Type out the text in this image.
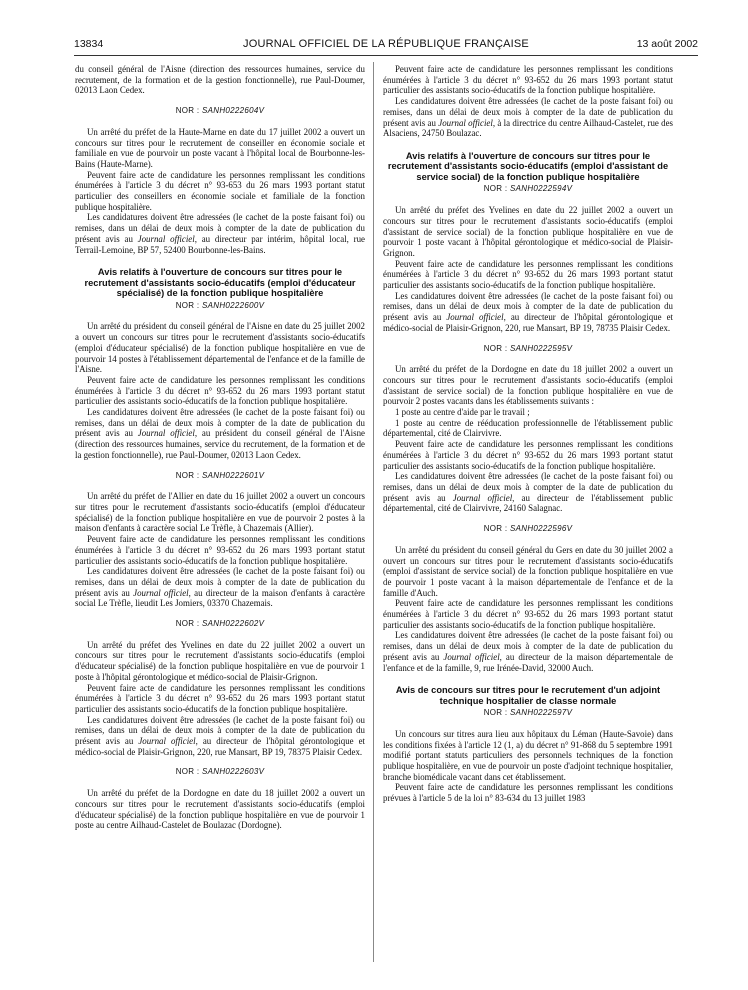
13834	JOURNAL OFFICIEL DE LA RÉPUBLIQUE FRANÇAISE	13 août 2002

du conseil général de l'Aisne (direction des ressources humaines, service du recrutement, de la formation et de la gestion fonctionnelle), rue Paul-Doumer, 02013 Laon Cedex.

NOR : SANH0222604V

Un arrêté du préfet de la Haute-Marne en date du 17 juillet 2002 a ouvert un concours sur titres pour le recrutement de conseiller en économie sociale et familiale en vue de pourvoir un poste vacant à l'hôpital local de Bourbonne-les-Bains (Haute-Marne).

Peuvent faire acte de candidature les personnes remplissant les conditions énumérées à l'article 3 du décret n° 93-653 du 26 mars 1993 portant statut particulier des conseillers en économie sociale et familiale de la fonction publique hospitalière.

Les candidatures doivent être adressées (le cachet de la poste faisant foi) ou remises, dans un délai de deux mois à compter de la date de publication du présent avis au Journal officiel, au directeur par intérim, hôpital local, rue Terrail-Lemoine, BP 57, 52400 Bourbonne-les-Bains.

Avis relatifs à l'ouverture de concours sur titres pour le recrutement d'assistants socio-éducatifs (emploi d'éducateur spécialisé) de la fonction publique hospitalière
NOR : SANH0222600V

Un arrêté du président du conseil général de l'Aisne en date du 25 juillet 2002 a ouvert un concours sur titres pour le recrutement d'assistants socio-éducatifs (emploi d'éducateur spécialisé) de la fonction publique hospitalière en vue de pourvoir 14 postes à l'établissement départemental de l'enfance et de la famille de l'Aisne.

Peuvent faire acte de candidature les personnes remplissant les conditions énumérées à l'article 3 du décret n° 93-652 du 26 mars 1993 portant statut particulier des assistants socio-éducatifs de la fonction publique hospitalière.

Les candidatures doivent être adressées (le cachet de la poste faisant foi) ou remises, dans un délai de deux mois à compter de la date de publication du présent avis au Journal officiel, au président du conseil général de l'Aisne (direction des ressources humaines, service du recrutement, de la formation et de la gestion fonctionnelle), rue Paul-Doumer, 02013 Laon Cedex.

NOR : SANH0222601V

Un arrêté du préfet de l'Allier en date du 16 juillet 2002 a ouvert un concours sur titres pour le recrutement d'assistants socio-éducatifs (emploi d'éducateur spécialisé) de la fonction publique hospitalière en vue de pourvoir 2 postes à la maison d'enfants à caractère social Le Trèfle, à Chazemais (Allier).

Peuvent faire acte de candidature les personnes remplissant les conditions énumérées à l'article 3 du décret n° 93-652 du 26 mars 1993 portant statut particulier des assistants socio-éducatifs de la fonction publique hospitalière.

Les candidatures doivent être adressées (le cachet de la poste faisant foi) ou remises, dans un délai de deux mois à compter de la date de publication du présent avis au Journal officiel, au directeur de la maison d'enfants à caractère social Le Trèfle, lieudit Les Jomiers, 03370 Chazemais.

NOR : SANH0222602V

Un arrêté du préfet des Yvelines en date du 22 juillet 2002 a ouvert un concours sur titres pour le recrutement d'assistants socio-éducatifs (emploi d'éducateur spécialisé) de la fonction publique hospitalière en vue de pourvoir 1 poste à l'hôpital gérontologique et médico-social de Plaisir-Grignon.

Peuvent faire acte de candidature les personnes remplissant les conditions énumérées à l'article 3 du décret n° 93-652 du 26 mars 1993 portant statut particulier des assistants socio-éducatifs de la fonction publique hospitalière.

Les candidatures doivent être adressées (le cachet de la poste faisant foi) ou remises, dans un délai de deux mois à compter de la date de publication du présent avis au Journal officiel, au directeur de l'hôpital gérontologique et médico-social de Plaisir-Grignon, 220, rue Mansart, BP 19, 78375 Plaisir Cedex.

NOR : SANH0222603V

Un arrêté du préfet de la Dordogne en date du 18 juillet 2002 a ouvert un concours sur titres pour le recrutement d'assistants socio-éducatifs (emploi d'éducateur spécialisé) de la fonction publique hospitalière en vue de pourvoir 1 poste au centre Ailhaud-Castelet de Boulazac (Dordogne).

Peuvent faire acte de candidature les personnes remplissant les conditions énumérées à l'article 3 du décret n° 93-652 du 26 mars 1993 portant statut particulier des assistants socio-éducatifs de la fonction publique hospitalière.

Les candidatures doivent être adressées (le cachet de la poste faisant foi) ou remises, dans un délai de deux mois à compter de la date de publication du présent avis au Journal officiel, à la directrice du centre Ailhaud-Castelet, rue des Alsaciens, 24750 Boulazac.

Avis relatifs à l'ouverture de concours sur titres pour le recrutement d'assistants socio-éducatifs (emploi d'assistant de service social) de la fonction publique hospitalière
NOR : SANH0222594V

Un arrêté du préfet des Yvelines en date du 22 juillet 2002 a ouvert un concours sur titres pour le recrutement d'assistants socio-éducatifs (emploi d'assistant de service social) de la fonction publique hospitalière en vue de pourvoir 1 poste vacant à l'hôpital gérontologique et médico-social de Plaisir-Grignon.

Peuvent faire acte de candidature les personnes remplissant les conditions énumérées à l'article 3 du décret n° 93-652 du 26 mars 1993 portant statut particulier des assistants socio-éducatifs de la fonction publique hospitalière.

Les candidatures doivent être adressées (le cachet de la poste faisant foi) ou remises, dans un délai de deux mois à compter de la date de publication du présent avis au Journal officiel, au directeur de l'hôpital gérontologique et médico-social de Plaisir-Grignon, 220, rue Mansart, BP 19, 78735 Plaisir Cedex.

NOR : SANH0222595V

Un arrêté du préfet de la Dordogne en date du 18 juillet 2002 a ouvert un concours sur titres pour le recrutement d'assistants socio-éducatifs (emploi d'assistant de service social) de la fonction publique hospitalière en vue de pourvoir 2 postes vacants dans les établissements suivants :

1 poste au centre d'aide par le travail ;

1 poste au centre de rééducation professionnelle de l'établissement public départemental, cité de Clairvivre.

Peuvent faire acte de candidature les personnes remplissant les conditions énumérées à l'article 3 du décret n° 93-652 du 26 mars 1993 portant statut particulier des assistants socio-éducatifs de la fonction publique hospitalière.

Les candidatures doivent être adressées (le cachet de la poste faisant foi) ou remises, dans un délai de deux mois à compter de la date de publication du présent avis au Journal officiel, au directeur de l'établissement public départemental, cité de Clairvivre, 24160 Salagnac.

NOR : SANH0222596V

Un arrêté du président du conseil général du Gers en date du 30 juillet 2002 a ouvert un concours sur titres pour le recrutement d'assistants socio-éducatifs (emploi d'assistant de service social) de la fonction publique hospitalière en vue de pourvoir 1 poste vacant à la maison départementale de l'enfance et de la famille d'Auch.

Peuvent faire acte de candidature les personnes remplissant les conditions énumérées à l'article 3 du décret n° 93-652 du 26 mars 1993 portant statut particulier des assistants socio-éducatifs de la fonction publique hospitalière.

Les candidatures doivent être adressées (le cachet de la poste faisant foi) ou remises, dans un délai de deux mois à compter de la date de publication du présent avis au Journal officiel, au directeur de la maison départementale de l'enfance et de la famille, 9, rue Irénée-David, 32000 Auch.

Avis de concours sur titres pour le recrutement d'un adjoint technique hospitalier de classe normale
NOR : SANH0222597V

Un concours sur titres aura lieu aux hôpitaux du Léman (Haute-Savoie) dans les conditions fixées à l'article 12 (1, a) du décret n° 91-868 du 5 septembre 1991 modifié portant statuts particuliers des personnels techniques de la fonction publique hospitalière, en vue de pourvoir un poste d'adjoint technique hospitalier, branche biomédicale vacant dans cet établissement.

Peuvent faire acte de candidature les personnes remplissant les conditions prévues à l'article 5 de la loi n° 83-634 du 13 juillet 1983
